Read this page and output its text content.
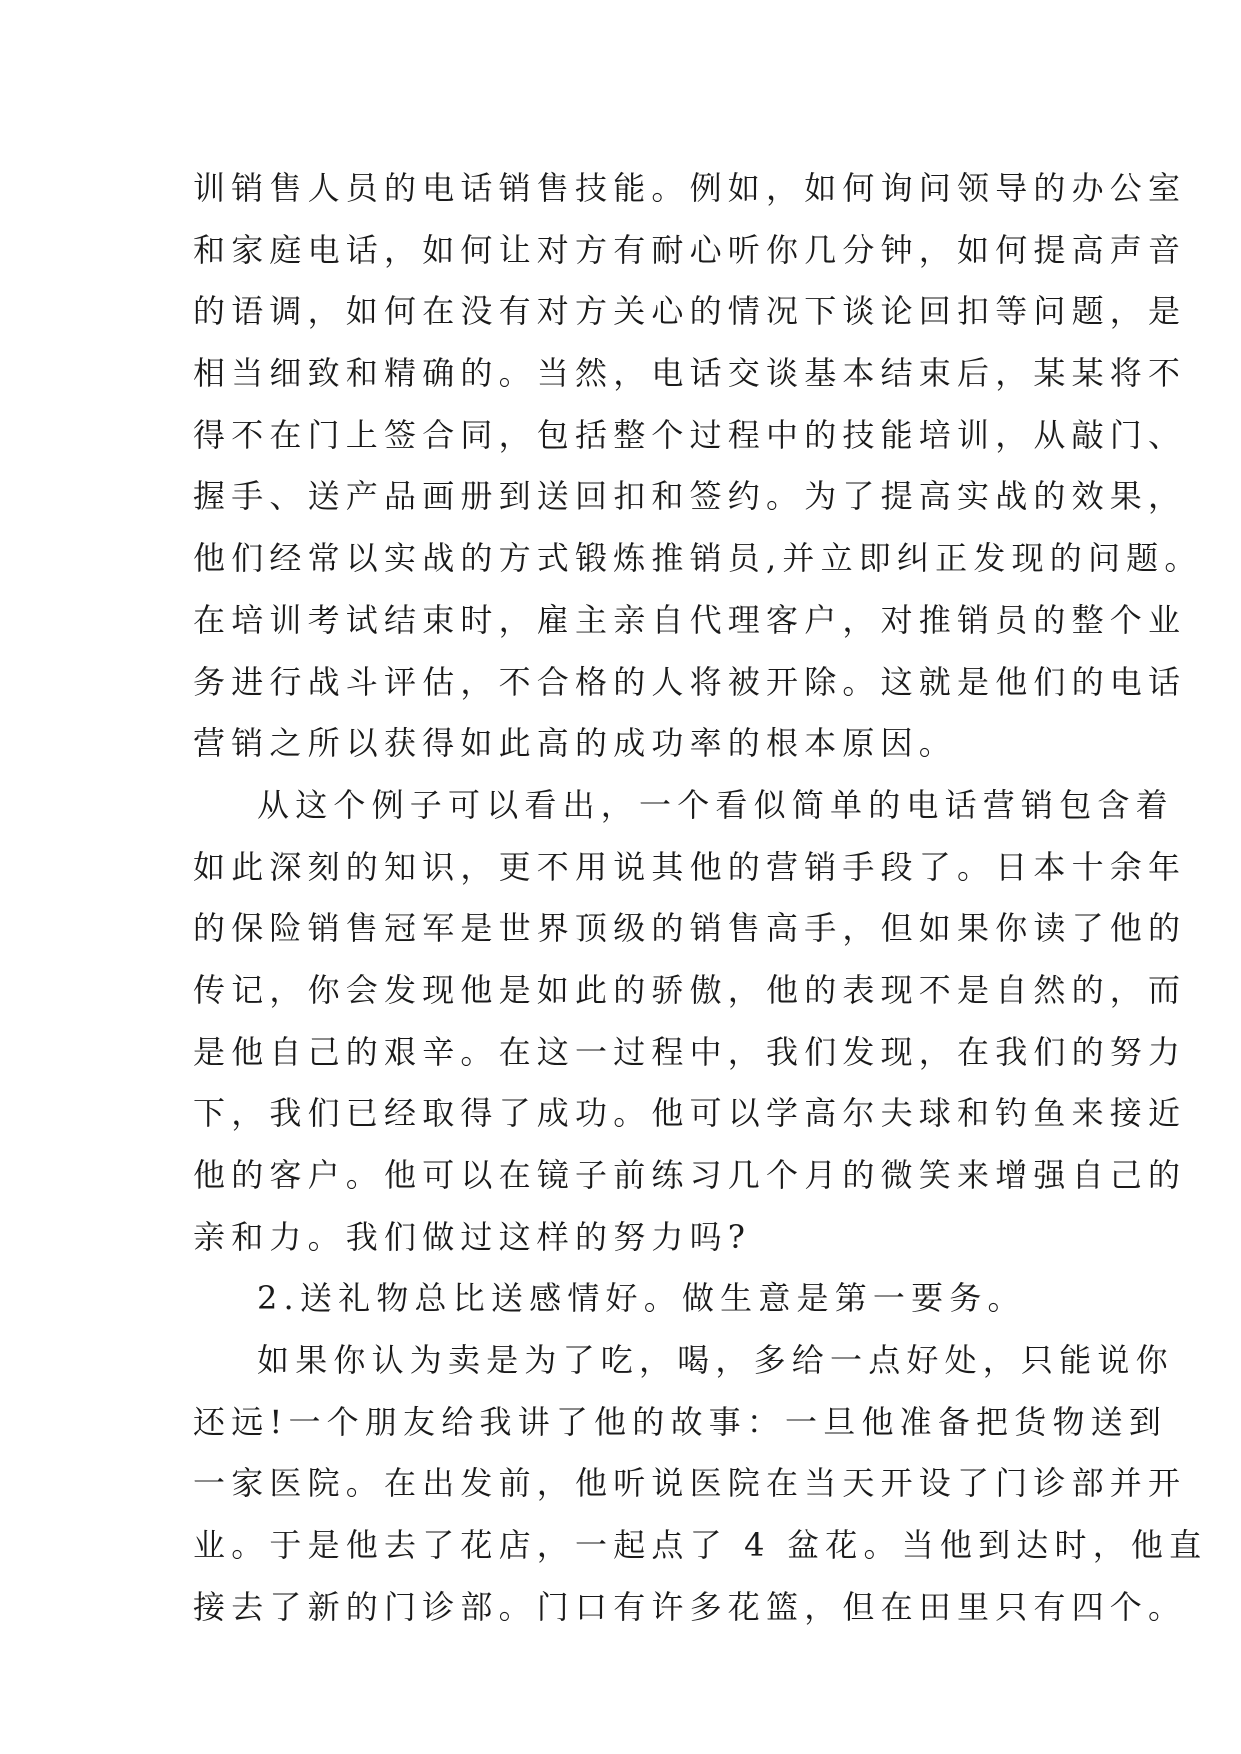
训销售人员的电话销售技能。例如，如何询问领导的办公室
和家庭电话，如何让对方有耐心听你几分钟，如何提高声音
的语调，如何在没有对方关心的情况下谈论回扣等问题，是
相当细致和精确的。当然，电话交谈基本结束后，某某将不
得不在门上签合同，包括整个过程中的技能培训，从敲门、
握手、送产品画册到送回扣和签约。为了提高实战的效果，
他们经常以实战的方式锻炼推销员,并立即纠正发现的问题。
在培训考试结束时，雇主亲自代理客户，对推销员的整个业
务进行战斗评估，不合格的人将被开除。这就是他们的电话
营销之所以获得如此高的成功率的根本原因。
从这个例子可以看出，一个看似简单的电话营销包含着
如此深刻的知识，更不用说其他的营销手段了。日本十余年
的保险销售冠军是世界顶级的销售高手，但如果你读了他的
传记，你会发现他是如此的骄傲，他的表现不是自然的，而
是他自己的艰辛。在这一过程中，我们发现，在我们的努力
下，我们已经取得了成功。他可以学高尔夫球和钓鱼来接近
他的客户。他可以在镜子前练习几个月的微笑来增强自己的
亲和力。我们做过这样的努力吗?
2.送礼物总比送感情好。做生意是第一要务。
如果你认为卖是为了吃，喝，多给一点好处，只能说你
还远!一个朋友给我讲了他的故事：一旦他准备把货物送到
一家医院。在出发前，他听说医院在当天开设了门诊部并开
业。于是他去了花店，一起点了 4 盆花。当他到达时，他直
接去了新的门诊部。门口有许多花篮，但在田里只有四个。
